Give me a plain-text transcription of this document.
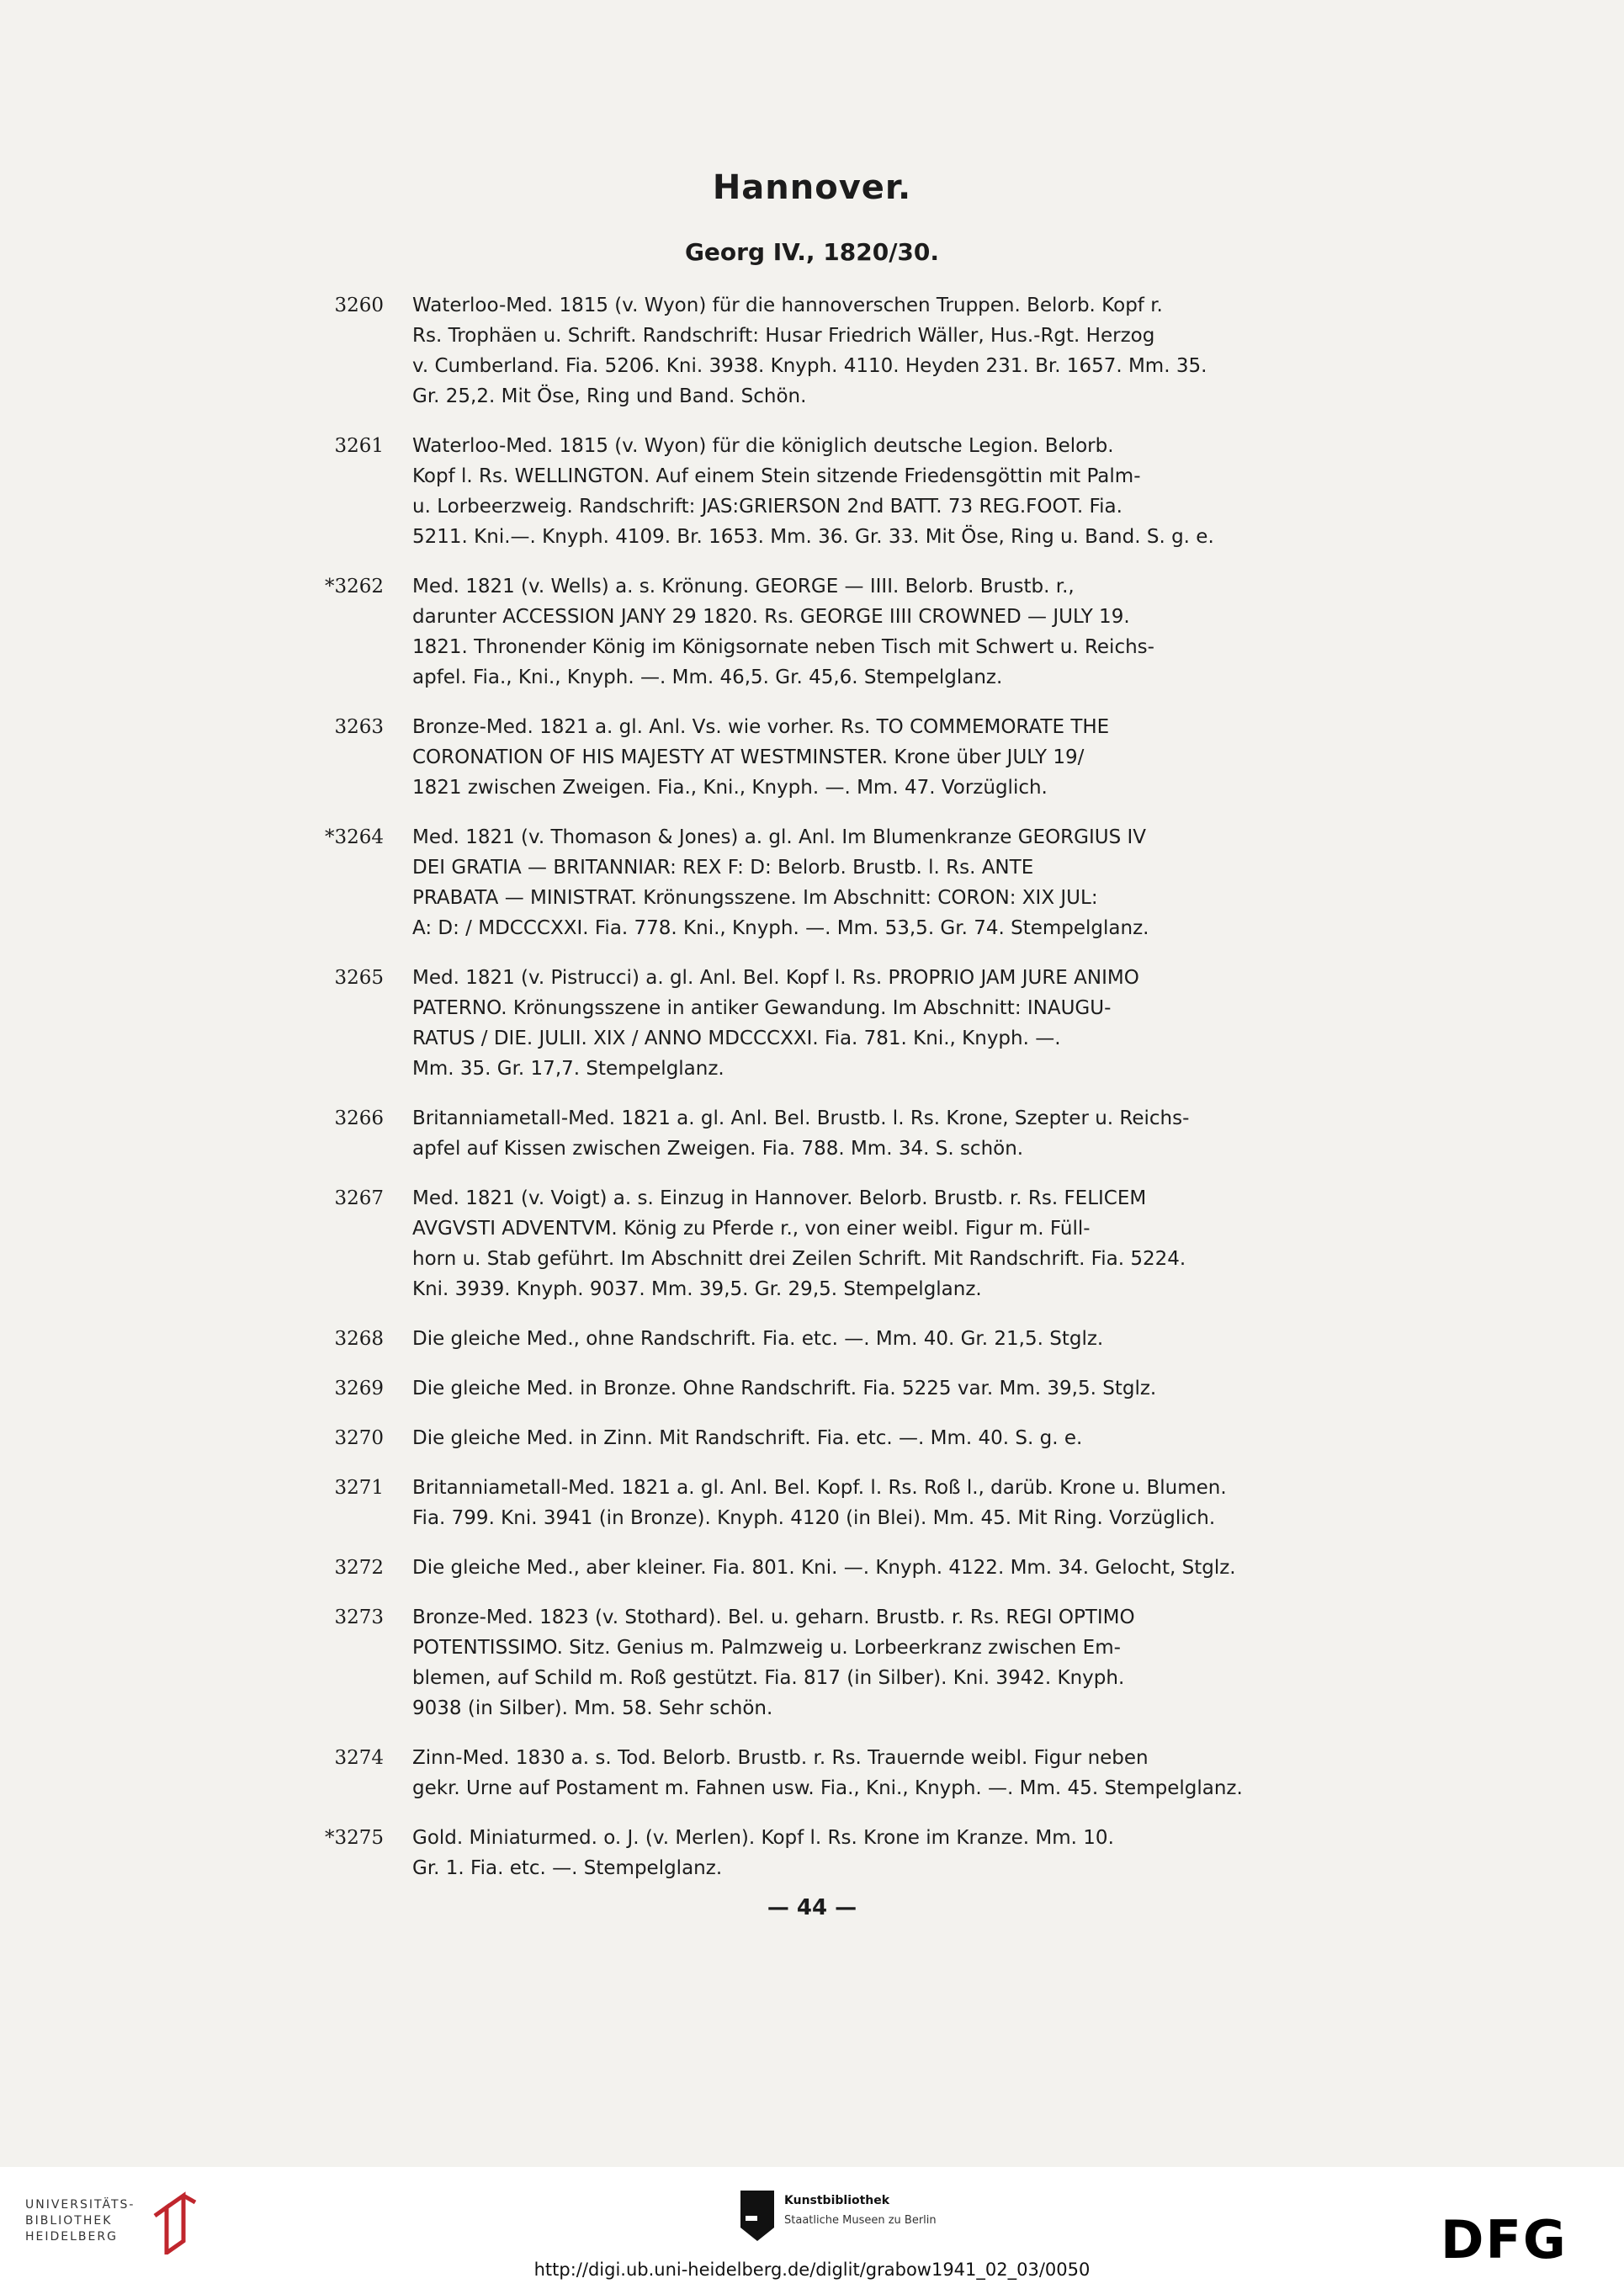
Hannover.
Georg IV., 1820/30.
3260 Waterloo-Med. 1815 (v. Wyon) für die hannoverschen Truppen. Belorb. Kopf r.
Rs. Trophäen u. Schrift. Randschrift: Husar Friedrich Wäller, Hus.-Rgt. Herzog
v. Cumberland. Fia. 5206. Kni. 3938. Knyph. 4110. Heyden 231. Br. 1657. Mm. 35.
Gr. 25,2. Mit Öse, Ring und Band. Schön.
3261 Waterloo-Med. 1815 (v. Wyon) für die königlich deutsche Legion. Belorb.
Kopf l. Rs. WELLINGTON. Auf einem Stein sitzende Friedensgöttin mit Palm-
u. Lorbeerzweig. Randschrift: JAS:GRIERSON 2nd BATT. 73 REG.FOOT. Fia.
5211. Kni.—. Knyph. 4109. Br. 1653. Mm. 36. Gr. 33. Mit Öse, Ring u. Band. S. g. e.
*3262 Med. 1821 (v. Wells) a. s. Krönung. GEORGE — IIII. Belorb. Brustb. r.,
darunter ACCESSION JANY 29 1820. Rs. GEORGE IIII CROWNED — JULY 19.
1821. Thronender König im Königsornate neben Tisch mit Schwert u. Reichs-
apfel. Fia., Kni., Knyph. —. Mm. 46,5. Gr. 45,6. Stempelglanz.
3263 Bronze-Med. 1821 a. gl. Anl. Vs. wie vorher. Rs. TO COMMEMORATE THE
CORONATION OF HIS MAJESTY AT WESTMINSTER. Krone über JULY 19/
1821 zwischen Zweigen. Fia., Kni., Knyph. —. Mm. 47. Vorzüglich.
*3264 Med. 1821 (v. Thomason & Jones) a. gl. Anl. Im Blumenkranze GEORGIUS IV
DEI GRATIA — BRITANNIAR: REX F: D: Belorb. Brustb. l. Rs. ANTE
PRABATA — MINISTRAT. Krönungsszene. Im Abschnitt: CORON: XIX JUL:
A: D: / MDCCCXXI. Fia. 778. Kni., Knyph. —. Mm. 53,5. Gr. 74. Stempelglanz.
3265 Med. 1821 (v. Pistrucci) a. gl. Anl. Bel. Kopf l. Rs. PROPRIO JAM JURE ANIMO
PATERNO. Krönungsszene in antiker Gewandung. Im Abschnitt: INAUGU-
RATUS / DIE. JULII. XIX / ANNO MDCCCXXI. Fia. 781. Kni., Knyph. —.
Mm. 35. Gr. 17,7. Stempelglanz.
3266 Britanniametall-Med. 1821 a. gl. Anl. Bel. Brustb. l. Rs. Krone, Szepter u. Reichs-
apfel auf Kissen zwischen Zweigen. Fia. 788. Mm. 34. S. schön.
3267 Med. 1821 (v. Voigt) a. s. Einzug in Hannover. Belorb. Brustb. r. Rs. FELICEM
AVGVSTI ADVENTVM. König zu Pferde r., von einer weibl. Figur m. Füll-
horn u. Stab geführt. Im Abschnitt drei Zeilen Schrift. Mit Randschrift. Fia. 5224.
Kni. 3939. Knyph. 9037. Mm. 39,5. Gr. 29,5. Stempelglanz.
3268 Die gleiche Med., ohne Randschrift. Fia. etc. —. Mm. 40. Gr. 21,5. Stglz.
3269 Die gleiche Med. in Bronze. Ohne Randschrift. Fia. 5225 var. Mm. 39,5. Stglz.
3270 Die gleiche Med. in Zinn. Mit Randschrift. Fia. etc. —. Mm. 40. S. g. e.
3271 Britanniametall-Med. 1821 a. gl. Anl. Bel. Kopf. l. Rs. Roß l., darüb. Krone u. Blumen.
Fia. 799. Kni. 3941 (in Bronze). Knyph. 4120 (in Blei). Mm. 45. Mit Ring. Vorzüglich.
3272 Die gleiche Med., aber kleiner. Fia. 801. Kni. —. Knyph. 4122. Mm. 34. Gelocht, Stglz.
3273 Bronze-Med. 1823 (v. Stothard). Bel. u. geharn. Brustb. r. Rs. REGI OPTIMO
POTENTISSIMO. Sitz. Genius m. Palmzweig u. Lorbeerkranz zwischen Em-
blemen, auf Schild m. Roß gestützt. Fia. 817 (in Silber). Kni. 3942. Knyph.
9038 (in Silber). Mm. 58. Sehr schön.
3274 Zinn-Med. 1830 a. s. Tod. Belorb. Brustb. r. Rs. Trauernde weibl. Figur neben
gekr. Urne auf Postament m. Fahnen usw. Fia., Kni., Knyph. —. Mm. 45. Stempelglanz.
*3275 Gold. Miniaturmed. o. J. (v. Merlen). Kopf l. Rs. Krone im Kranze. Mm. 10.
Gr. 1. Fia. etc. —. Stempelglanz.
— 44 —
UNIVERSITÄTS-
BIBLIOTHEK
HEIDELBERG
Kunstbibliothek
Staatliche Museen zu Berlin	DFG
http://digi.ub.uni-heidelberg.de/diglit/grabow1941_02_03/0050
